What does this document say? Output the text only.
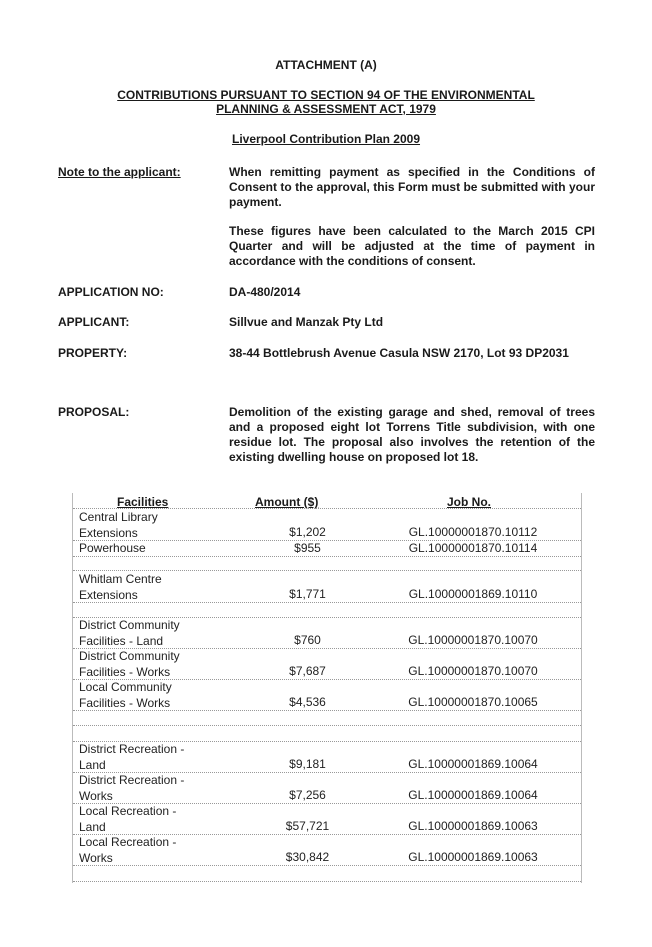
ATTACHMENT (A)
CONTRIBUTIONS PURSUANT TO SECTION 94 OF THE ENVIRONMENTAL
PLANNING & ASSESSMENT ACT, 1979
Liverpool Contribution Plan 2009
Note to the applicant:	When remitting payment as specified in the Conditions of Consent to the approval, this Form must be submitted with your payment.
These figures have been calculated to the March 2015 CPI Quarter and will be adjusted at the time of payment in accordance with the conditions of consent.
APPLICATION NO:	DA-480/2014
APPLICANT:	Sillvue and Manzak Pty Ltd
PROPERTY:	38-44 Bottlebrush Avenue Casula NSW 2170, Lot 93 DP2031
PROPOSAL:	Demolition of the existing garage and shed, removal of trees and a proposed eight lot Torrens Title subdivision, with one residue lot. The proposal also involves the retention of the existing dwelling house on proposed lot 18.
Facilities	Amount ($)	Job No.
Central Library
Extensions	$1,202	GL.10000001870.10112
Powerhouse	$955	GL.10000001870.10114
Whitlam Centre
Extensions	$1,771	GL.10000001869.10110
District Community
Facilities - Land	$760	GL.10000001870.10070
District Community
Facilities - Works	$7,687	GL.10000001870.10070
Local Community
Facilities - Works	$4,536	GL.10000001870.10065
District Recreation -
Land	$9,181	GL.10000001869.10064
District Recreation -
Works	$7,256	GL.10000001869.10064
Local Recreation -
Land	$57,721	GL.10000001869.10063
Local Recreation -
Works	$30,842	GL.10000001869.10063
